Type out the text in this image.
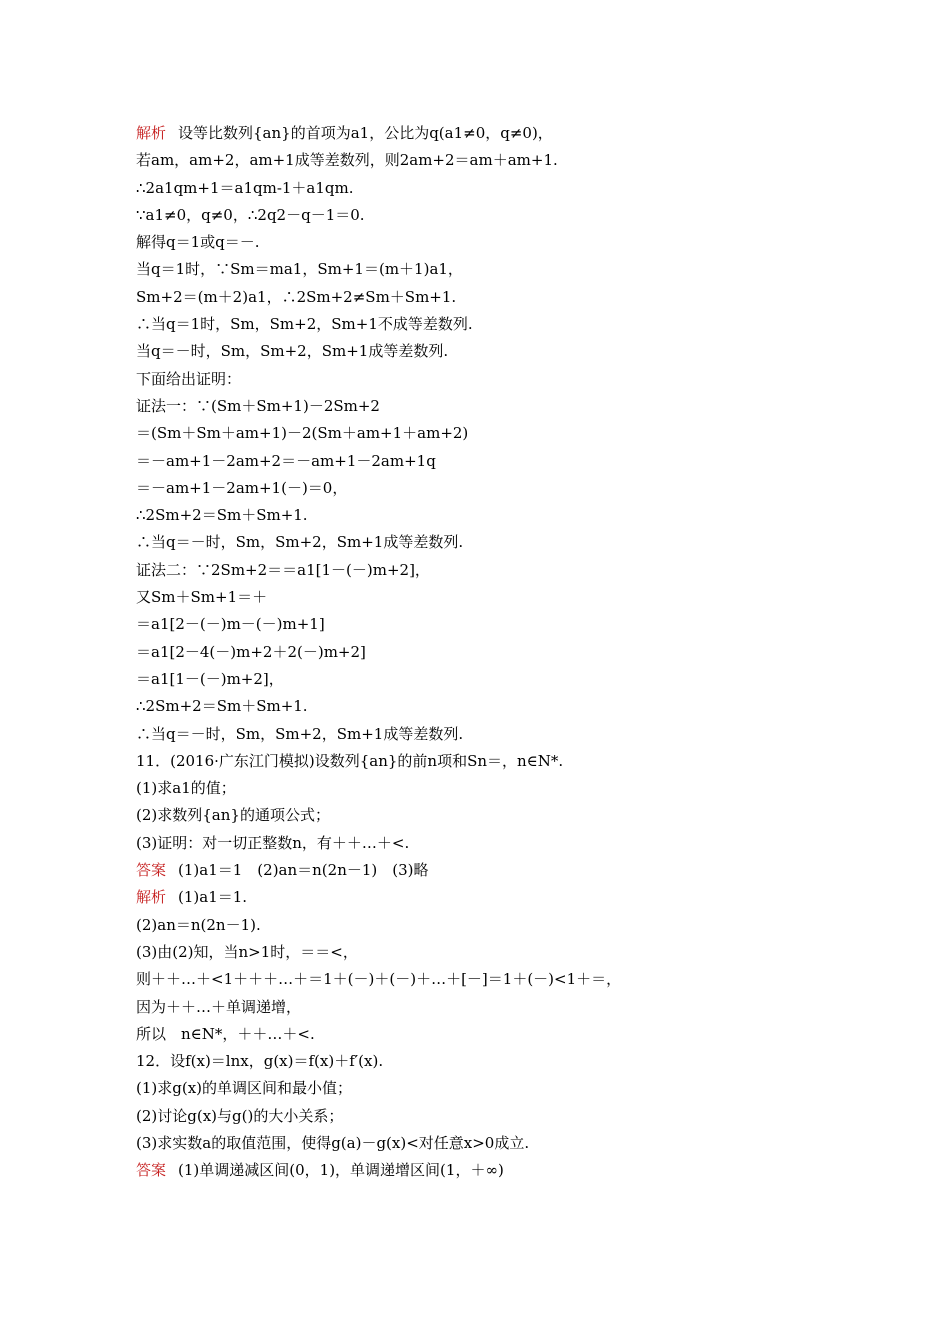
解析 设等比数列{an}的首项为a1，公比为q(a1≠0，q≠0)，
若am，am+2，am+1成等差数列，则2am+2＝am＋am+1.
∴2a1qm+1＝a1qm-1＋a1qm.
∵a1≠0，q≠0，∴2q2－q－1＝0.
解得q＝1或q＝－.
当q＝1时，∵Sm＝ma1，Sm+1＝(m＋1)a1，
Sm+2＝(m＋2)a1，∴2Sm+2≠Sm＋Sm+1.
∴当q＝1时，Sm，Sm+2，Sm+1不成等差数列.
当q＝－时，Sm，Sm+2，Sm+1成等差数列.
下面给出证明：
证法一：∵(Sm＋Sm+1)－2Sm+2
＝(Sm＋Sm＋am+1)－2(Sm＋am+1＋am+2)
＝－am+1－2am+2＝－am+1－2am+1q
＝－am+1－2am+1(－)＝0，
∴2Sm+2＝Sm＋Sm+1.
∴当q＝－时，Sm，Sm+2，Sm+1成等差数列.
证法二：∵2Sm+2＝＝a1[1－(－)m+2]，
又Sm＋Sm+1＝＋
＝a1[2－(－)m－(－)m+1]
＝a1[2－4(－)m+2＋2(－)m+2]
＝a1[1－(－)m+2]，
∴2Sm+2＝Sm＋Sm+1.
∴当q＝－时，Sm，Sm+2，Sm+1成等差数列.
11．(2016·广东江门模拟)设数列{an}的前n项和Sn＝，n∈N*.
(1)求a1的值；
(2)求数列{an}的通项公式；
(3)证明：对一切正整数n，有＋＋…＋<.
答案 (1)a1＝1　(2)an＝n(2n－1)　(3)略
解析 (1)a1＝1.
(2)an＝n(2n－1).
(3)由(2)知，当n>1时，＝＝<，
则＋＋…＋<1＋＋＋…＋＝1＋(－)＋(－)＋…＋[－]＝1＋(－)<1＋＝，
因为＋＋…＋单调递增，
所以　n∈N*，＋＋…＋<.
12．设f(x)＝lnx，g(x)＝f(x)＋f′(x).
(1)求g(x)的单调区间和最小值；
(2)讨论g(x)与g()的大小关系；
(3)求实数a的取值范围，使得g(a)－g(x)<对任意x>0成立.
答案 (1)单调递减区间(0，1)，单调递增区间(1，＋∞)
